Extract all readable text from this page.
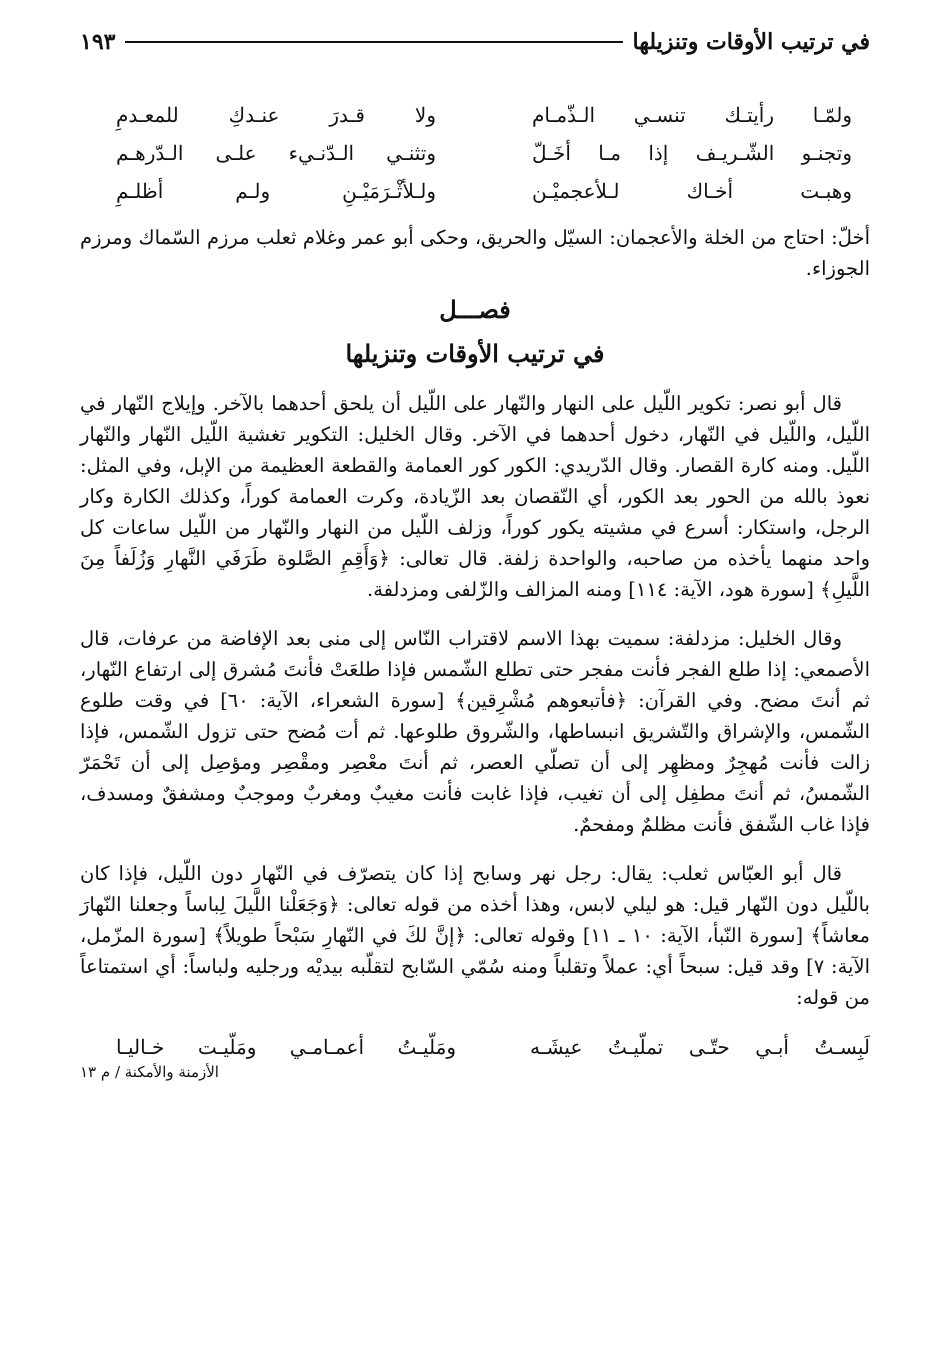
في ترتيب الأوقات وتنزيلها
١٩٣
ولمّـا رأيتـك تنسـي الـذّمـام
ولا قـدرَ عنـدكِ للمعـدمِ
وتجنـو الشّـريـف إذا مـا أخَـلّ
وتثنـي الـدّنـيء علـى الـدّرهـم
وهبـت أخـاك لـلأعجميْـن
ولـلأثْـرَمَيْـنِ ولـم أظلـمِ

أخلّ: احتاج من الخلة والأعجمان: السيّل والحريق، وحكى أبو عمر وغلام ثعلب مرزم السّماك ومرزم الجوزاء.

فصـــل
في ترتيب الأوقات وتنزيلها

قال أبو نصر: تكوير اللّيل على النهار والنّهار على اللّيل أن يلحق أحدهما بالآخر. وإيلاج النّهار في اللّيل، واللّيل في النّهار، دخول أحدهما في الآخر. وقال الخليل: التكوير تغشية اللّيل النّهار والنّهار اللّيل. ومنه كارة القصار. وقال الدّريدي: الكور كور العمامة والقطعة العظيمة من الإبل، وفي المثل: نعوذ بالله من الحور بعد الكور، أي النّقصان بعد الزّيادة، وكرت العمامة كوراً، وكذلك الكارة وكار الرجل، واستكار: أسرع في مشيته يكور كوراً، وزلف اللّيل من النهار والنّهار من اللّيل ساعات كل واحد منهما يأخذه من صاحبه، والواحدة زلفة. قال تعالى: ﴿وَأَقِمِ الصَّلوة طَرَفَي النَّهارِ وَزُلَفاً مِنَ اللَّيلِ﴾ [سورة هود، الآية: ١١٤] ومنه المزالف والزّلفى ومزدلفة.

وقال الخليل: مزدلفة: سميت بهذا الاسم لاقتراب النّاس إلى منى بعد الإفاضة من عرفات، قال الأصمعي: إذا طلع الفجر فأنت مفجر حتى تطلع الشّمس فإذا طلعَتْ فأنتَ مُشرق إلى ارتفاع النّهار، ثم أنتَ مضح. وفي القرآن: ﴿فأتبعوهم مُشْرِقين﴾ [سورة الشعراء، الآية: ٦٠] في وقت طلوع الشّمس، والإشراق والتّشريق انبساطها، والشّروق طلوعها. ثم أت مُضح حتى تزول الشّمس، فإذا زالت فأنت مُهجِرٌ ومظهِر إلى أن تصلّي العصر، ثم أنتَ معْصِر ومقْصِر ومؤصِل إلى أن تَحْمَرّ الشّمسُ، ثم أنتَ مطفِل إلى أن تغيب، فإذا غابت فأنت مغيبٌ ومغربٌ وموجبٌ ومشفقٌ ومسدف، فإذا غاب الشّفق فأنت مظلمٌ ومفحمٌ.

قال أبو العبّاس ثعلب: يقال: رجل نهر وسابح إذا كان يتصرّف في النّهار دون اللّيل، فإذا كان باللّيل دون النّهار قيل: هو ليلي لابس، وهذا أخذه من قوله تعالى: ﴿وَجَعَلْنا اللَّيلَ لِباساً وجعلنا النّهارَ معاشاً﴾ [سورة النّبأ، الآية: ١٠ ـ ١١] وقوله تعالى: ﴿إنَّ لكَ في النّهارِ سَبْحاً طويلاً﴾ [سورة المزّمل، الآية: ٧] وقد قيل: سبحاً أي: عملاً وتقلباً ومنه سُمّي السّابح لتقلّبه بيديْه ورجليه ولباساً: أي استمتاعاً من قوله:

لَبِسـتُ أبـي حتّـى تملّيـتُ عيشَـه
ومَلّيـتُ أعمـامـي ومَلّيـت خـاليـا
الأزمنة والأمكنة / م ١٣
